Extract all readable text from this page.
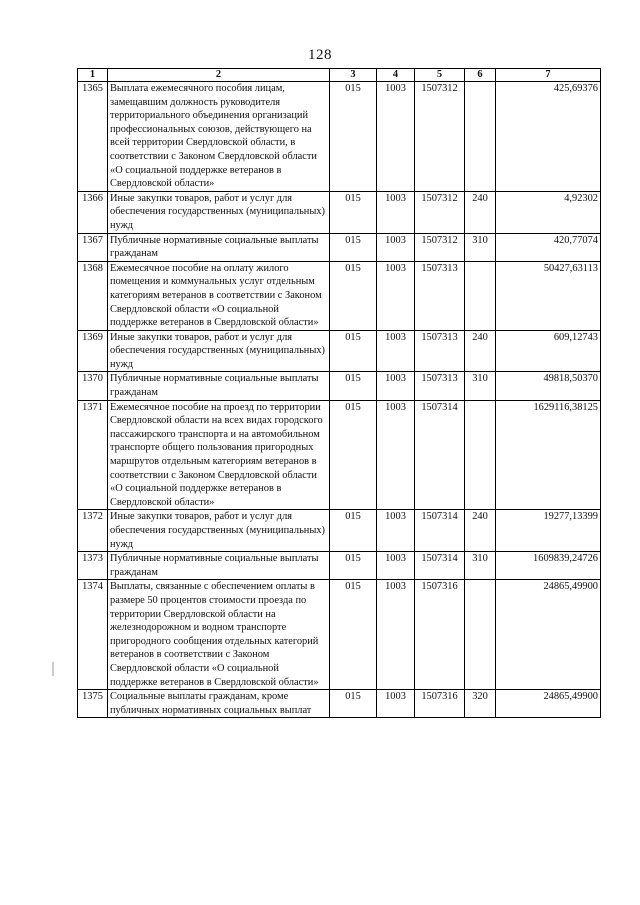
128
1	2	3	4	5	6	7
1365	Выплата ежемесячного пособия лицам, замещавшим должность руководителя территориального объединения организаций профессиональных союзов, действующего на всей территории Свердловской области, в соответствии с Законом Свердловской области «О социальной поддержке ветеранов в Свердловской области»	015	1003	1507312		425,69376
1366	Иные закупки товаров, работ и услуг для обеспечения государственных (муниципальных) нужд	015	1003	1507312	240	4,92302
1367	Публичные нормативные социальные выплаты гражданам	015	1003	1507312	310	420,77074
1368	Ежемесячное пособие на оплату жилого помещения и коммунальных услуг отдельным категориям ветеранов в соответствии с Законом Свердловской области «О социальной поддержке ветеранов в Свердловской области»	015	1003	1507313		50427,63113
1369	Иные закупки товаров, работ и услуг для обеспечения государственных (муниципальных) нужд	015	1003	1507313	240	609,12743
1370	Публичные нормативные социальные выплаты гражданам	015	1003	1507313	310	49818,50370
1371	Ежемесячное пособие на проезд по территории Свердловской области на всех видах городского пассажирского транспорта и на автомобильном транспорте общего пользования пригородных маршрутов отдельным категориям ветеранов в соответствии с Законом Свердловской области «О социальной поддержке ветеранов в Свердловской области»	015	1003	1507314		1629116,38125
1372	Иные закупки товаров, работ и услуг для обеспечения государственных (муниципальных) нужд	015	1003	1507314	240	19277,13399
1373	Публичные нормативные социальные выплаты гражданам	015	1003	1507314	310	1609839,24726
1374	Выплаты, связанные с обеспечением оплаты в размере 50 процентов стоимости проезда по территории Свердловской области на железнодорожном и водном транспорте пригородного сообщения отдельных категорий ветеранов в соответствии с Законом Свердловской области «О социальной поддержке ветеранов в Свердловской области»	015	1003	1507316		24865,49900
1375	Социальные выплаты гражданам, кроме публичных нормативных социальных выплат	015	1003	1507316	320	24865,49900
